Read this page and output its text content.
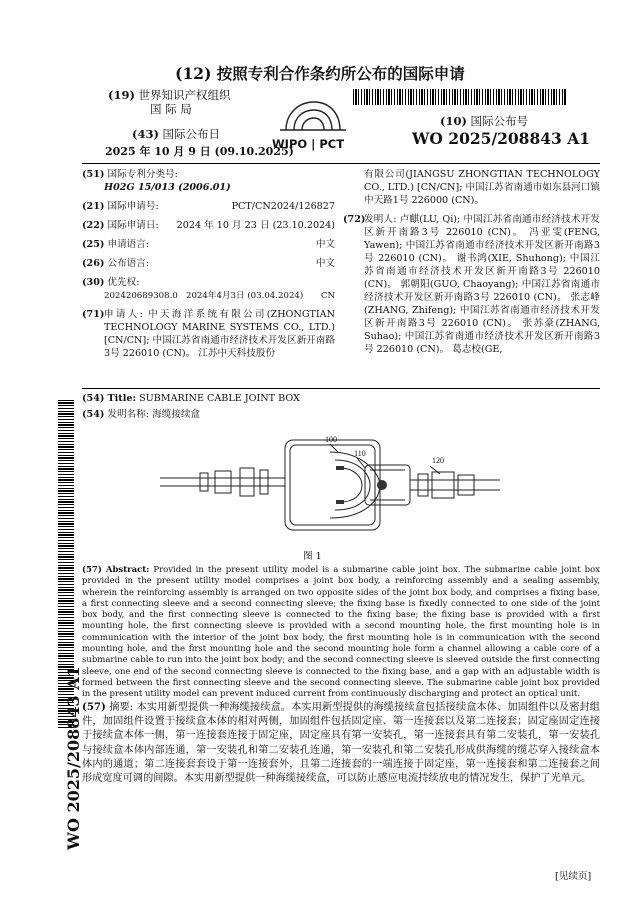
(12) 按照专利合作条约所公布的国际申请
(19) 世界知识产权组织
国 际 局
(43) 国际公布日
2025 年 10 月 9 日 (09.10.2025)
WIPO | PCT
(10) 国际公布号
WO 2025/208843 A1
WO 2025/208843 A1
(51) 国际专利分类号:
H02G 15/013 (2006.01)
(21) 国际申请号:	PCT/CN2024/126827
(22) 国际申请日: 2024 年 10 月 23 日 (23.10.2024)
(25) 申请语言:	中文
(26) 公布语言:	中文
(30) 优先权:
202420689308.0 2024年4月3日 (03.04.2024) CN
(71) 申请人: 中天海洋系统有限公司(ZHONGTIAN TECHNOLOGY MARINE SYSTEMS CO., LTD.) [CN/CN]; 中国江苏省南通市经济技术开发区新开南路3号 226010 (CN)。 江苏中天科技股份
有限公司(JIANGSU ZHONGTIAN TECHNOLOGY CO., LTD.) [CN/CN]; 中国江苏省南通市如东县河口镇中天路1号 226000 (CN)。
(72)
发明人: 卢麒(LU, Qi); 中国江苏省南通市经济技术开发区新开南路3号 226010 (CN)。 冯亚雯(FENG, Yawen); 中国江苏省南通市经济技术开发区新开南路3号 226010 (CN)。 谢书鸿(XIE, Shuhong); 中国江苏省南通市经济技术开发区新开南路3号 226010 (CN)。 郭朝阳(GUO, Chaoyang); 中国江苏省南通市经济技术开发区新开南路3号 226010 (CN)。 张志峰(ZHANG, Zhifeng); 中国江苏省南通市经济技术开发区新开南路3号 226010 (CN)。 张苏豪(ZHANG, Suhao); 中国江苏省南通市经济技术开发区新开南路3号 226010 (CN)。 葛志校(GE,
(54) Title: SUBMARINE CABLE JOINT BOX
(54) 发明名称: 海缆接续盒
100
110
120
图 1
(57) Abstract: Provided in the present utility model is a submarine cable joint box. The submarine cable joint box provided in the present utility model comprises a joint box body, a reinforcing assembly and a sealing assembly, wherein the reinforcing assembly is arranged on two opposite sides of the joint box body, and comprises a fixing base, a first connecting sleeve and a second connecting sleeve; the fixing base is fixedly connected to one side of the joint box body, and the first connecting sleeve is connected to the fixing base; the fixing base is provided with a first mounting hole, the first connecting sleeve is provided with a second mounting hole, the first mounting hole is in communication with the interior of the joint box body, the first mounting hole is in communication with the second mounting hole, and the first mounting hole and the second mounting hole form a channel allowing a cable core of a submarine cable to run into the joint box body; and the second connecting sleeve is sleeved outside the first connecting sleeve, one end of the second connecting sleeve is connected to the fixing base, and a gap with an adjustable width is formed between the first connecting sleeve and the second connecting sleeve. The submarine cable joint box provided in the present utility model can prevent induced current from continuously discharging and protect an optical unit.
(57) 摘要: 本实用新型提供一种海缆接续盒。本实用新型提供的海缆接续盒包括接续盒本体、加固组件以及密封组件，加固组件设置于接续盒本体的相对两侧，加固组件包括固定座、第一连接套以及第二连接套；固定座固定连接于接续盒本体一侧，第一连接套连接于固定座，固定座具有第一安装孔，第一连接套具有第二安装孔，第一安装孔与接续盒本体内部连通，第一安装孔和第二安装孔连通，第一安装孔和第二安装孔形成供海缆的缆芯穿入接续盒本体内的通道；第二连接套套设于第一连接套外，且第二连接套的一端连接于固定座，第一连接套和第二连接套之间形成宽度可调的间隙。本实用新型提供一种海缆接续盒，可以防止感应电流持续放电的情况发生，保护了光单元。
[见续页]
